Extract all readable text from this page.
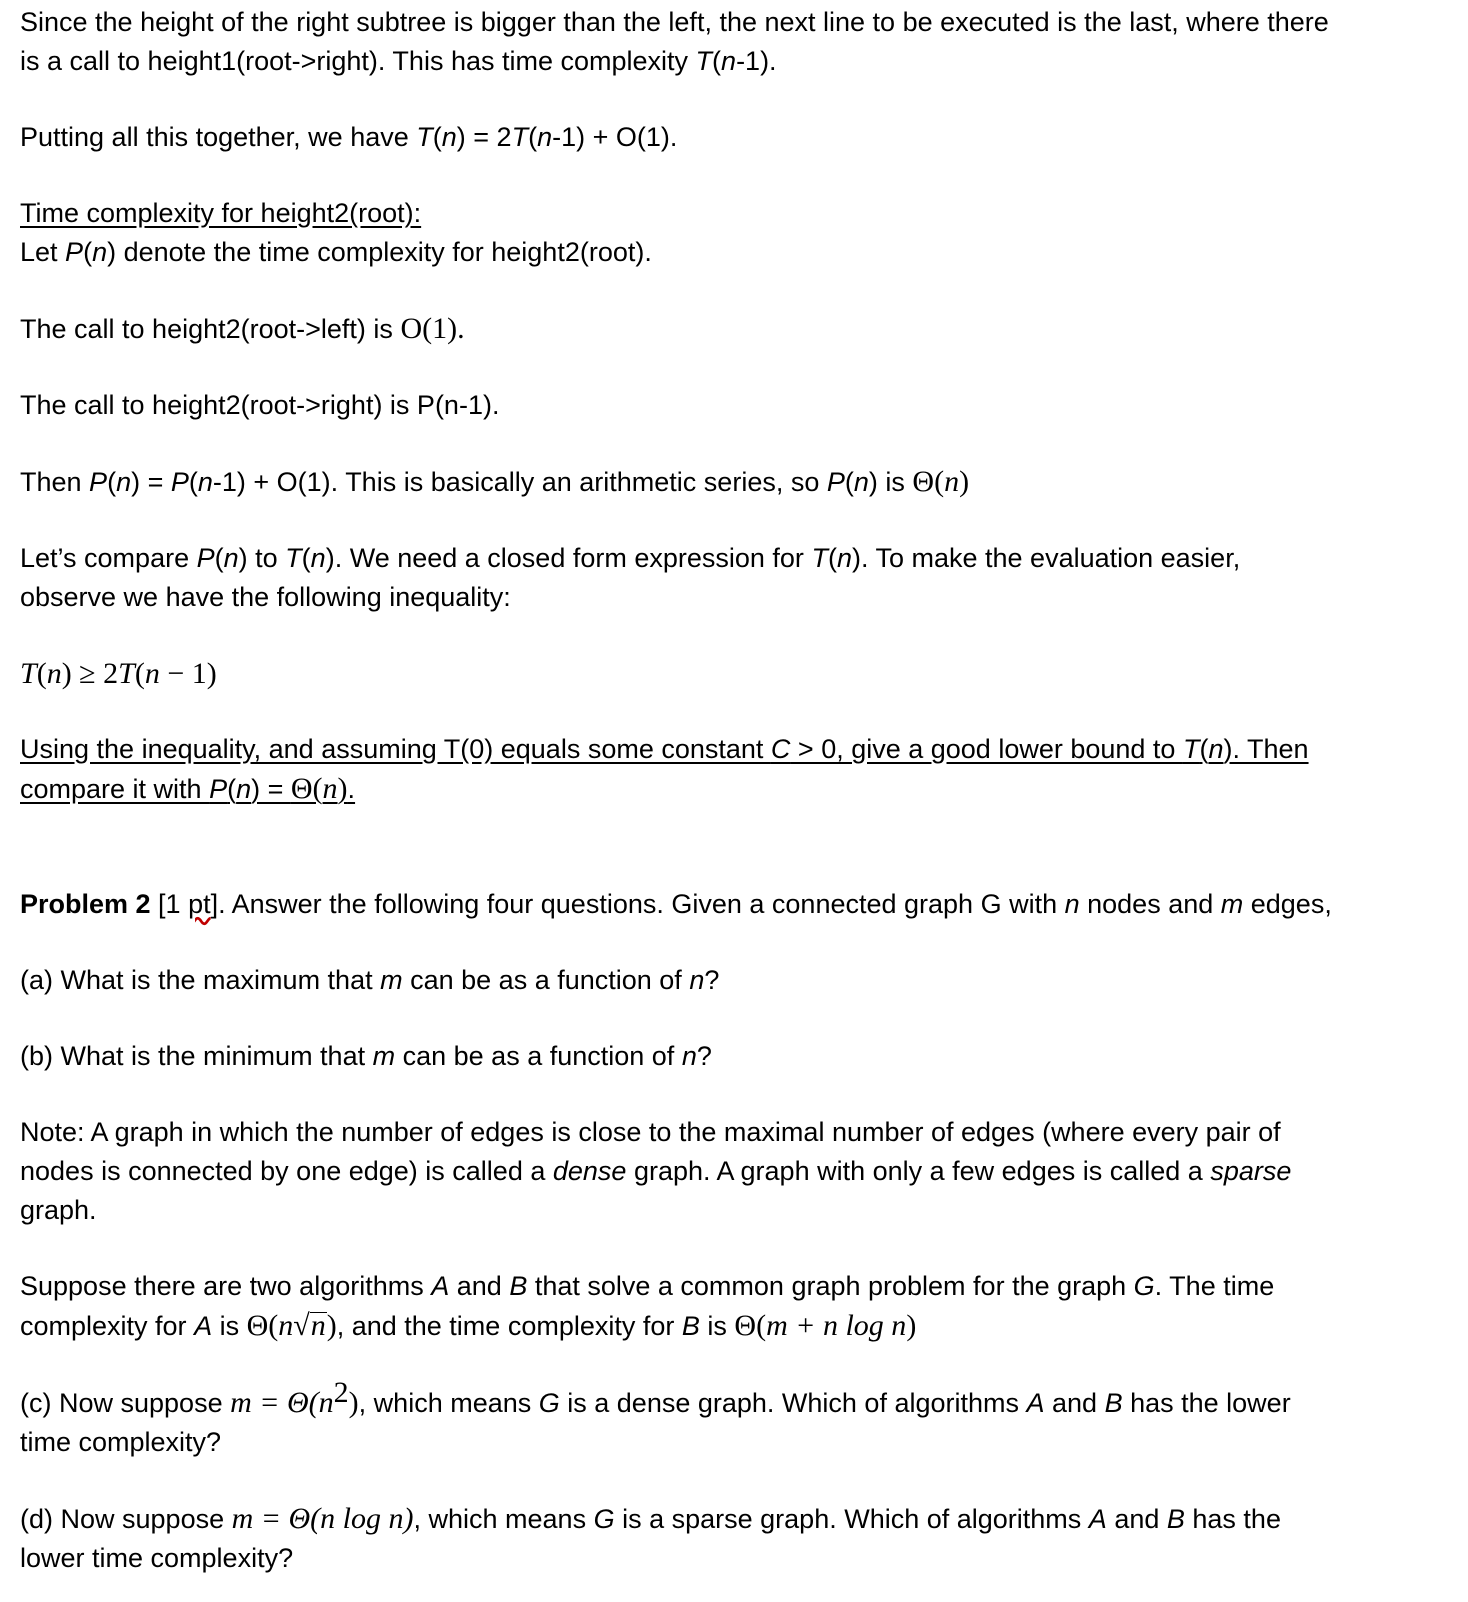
Since the height of the right subtree is bigger than the left, the next line to be executed is the last, where there

is a call to height1(root->right). This has time complexity T(n-1).

Putting all this together, we have T(n) = 2T(n-1) + O(1).

Time complexity for height2(root):

Let P(n) denote the time complexity for height2(root).

The call to height2(root->left) is O(1).

The call to height2(root->right) is P(n-1).

Then P(n) = P(n-1) + O(1). This is basically an arithmetic series, so P(n) is Θ(n)

Let’s compare P(n) to T(n). We need a closed form expression for T(n). To make the evaluation easier,

observe we have the following inequality:

T(n) ≥ 2T(n − 1)

Using the inequality, and assuming T(0) equals some constant C > 0, give a good lower bound to T(n). Then

compare it with P(n) = Θ(n).

Problem 2 [1 pt]. Answer the following four questions. Given a connected graph G with n nodes and m edges,

(a) What is the maximum that m can be as a function of n?

(b) What is the minimum that m can be as a function of n?

Note: A graph in which the number of edges is close to the maximal number of edges (where every pair of

nodes is connected by one edge) is called a dense graph. A graph with only a few edges is called a sparse

graph.

Suppose there are two algorithms A and B that solve a common graph problem for the graph G. The time

complexity for A is Θ(n√n), and the time complexity for B is Θ(m + n log n)

(c) Now suppose $m = \Theta(n^2)$, which means G is a dense graph. Which of algorithms A and B has the lower

time complexity?

(d) Now suppose m = Θ(n log n), which means G is a sparse graph. Which of algorithms A and B has the

lower time complexity?
